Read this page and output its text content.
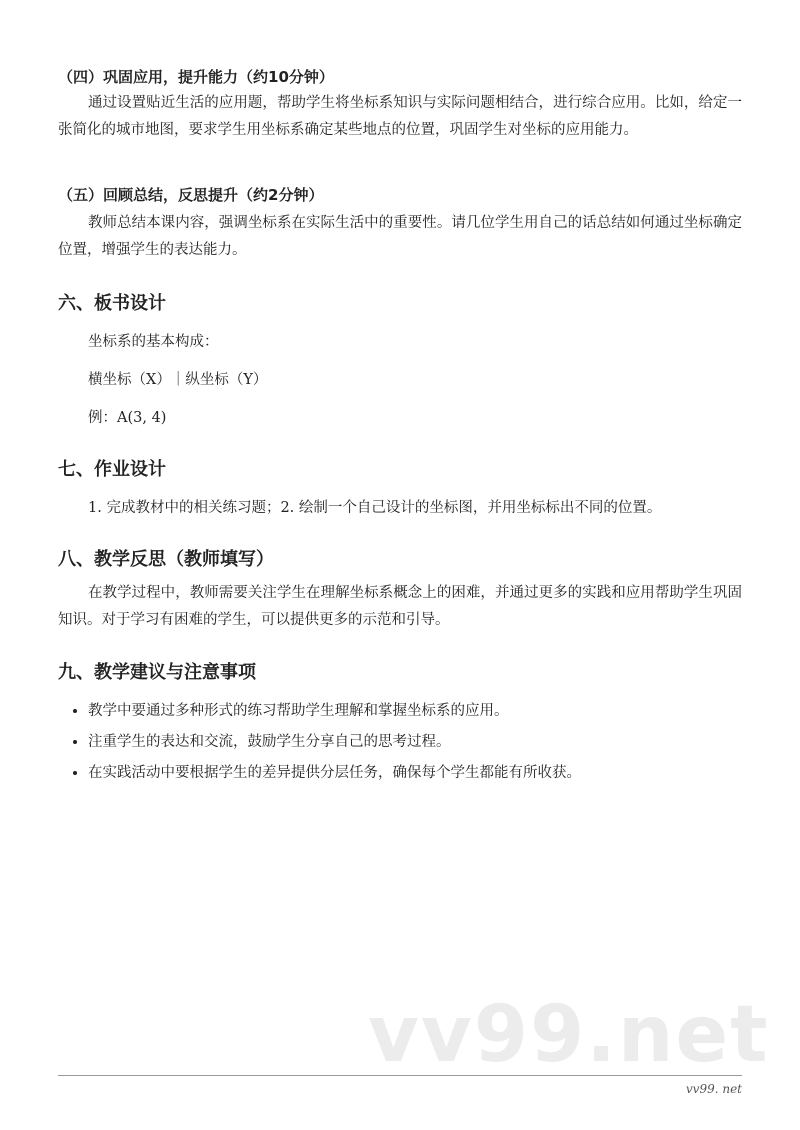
（四）巩固应用，提升能力（约10分钟）
通过设置贴近生活的应用题，帮助学生将坐标系知识与实际问题相结合，进行综合应用。比如，给定一张简化的城市地图，要求学生用坐标系确定某些地点的位置，巩固学生对坐标的应用能力。
（五）回顾总结，反思提升（约2分钟）
教师总结本课内容，强调坐标系在实际生活中的重要性。请几位学生用自己的话总结如何通过坐标确定位置，增强学生的表达能力。
六、板书设计
坐标系的基本构成：
横坐标（X）｜纵坐标（Y）
例：A(3, 4)
七、作业设计
1. 完成教材中的相关练习题；2. 绘制一个自己设计的坐标图，并用坐标标出不同的位置。
八、教学反思（教师填写）
在教学过程中，教师需要关注学生在理解坐标系概念上的困难，并通过更多的实践和应用帮助学生巩固知识。对于学习有困难的学生，可以提供更多的示范和引导。
九、教学建议与注意事项
• 教学中要通过多种形式的练习帮助学生理解和掌握坐标系的应用。
• 注重学生的表达和交流，鼓励学生分享自己的思考过程。
• 在实践活动中要根据学生的差异提供分层任务，确保每个学生都能有所收获。
vv99.net
vv99. net
